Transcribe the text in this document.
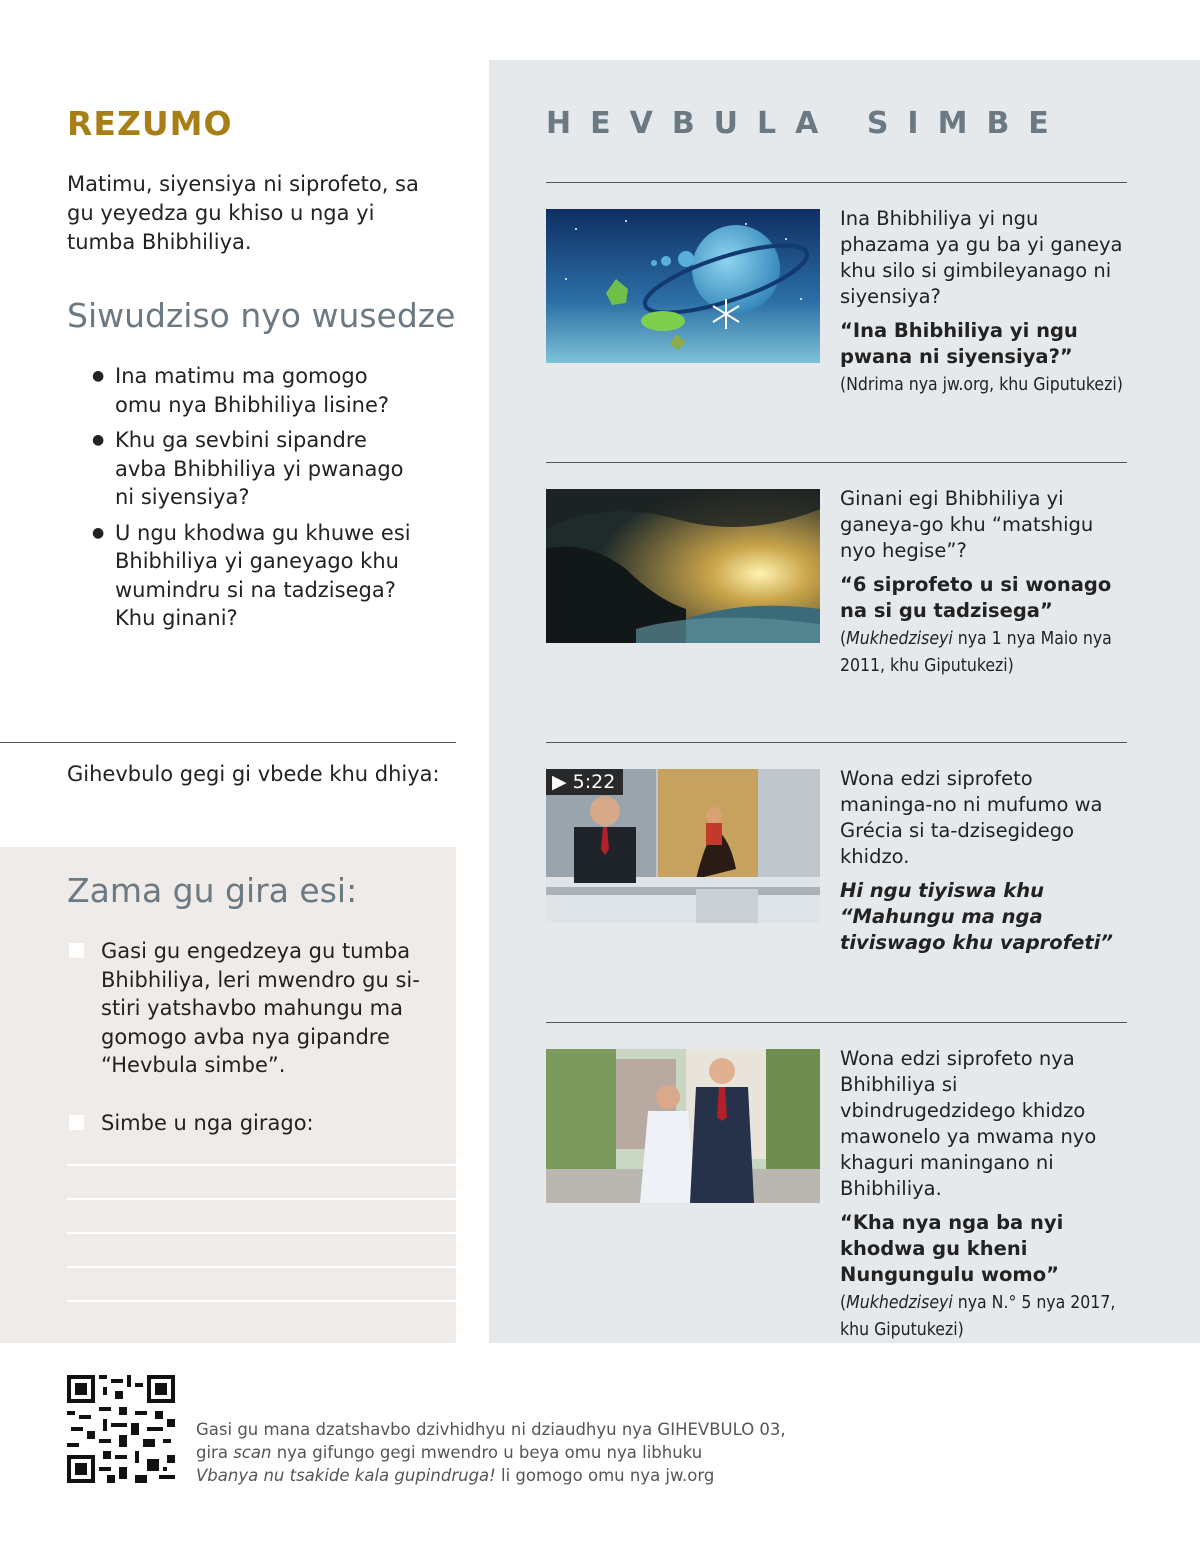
REZUMO
Matimu, siyensiya ni siprofeto, sa gu yeyedza gu khiso u nga yi tumba Bhibhiliya.
Siwudziso nyo wusedze
● Ina matimu ma gomogo omu nya Bhibhiliya lisine?
● Khu ga sevbini sipandre avba Bhibhiliya yi pwanago ni siyensiya?
● U ngu khodwa gu khuwe esi Bhibhiliya yi ganeyago khu wumindru si na tadzisega? Khu ginani?
Gihevbulo gegi gi vbede khu dhiya:
Zama gu gira esi:
Gasi gu engedzeya gu tumba Bhibhiliya, leri mwendro gu si-stiri yatshavbo mahungu ma gomogo avba nya gipandre “Hevbula simbe”.
Simbe u nga girago:
HEVBULA SIMBE
Ina Bhibhiliya yi ngu phazama ya gu ba yi ganeya khu silo si gimbileyanago ni siyensiya?
“Ina Bhibhiliya yi ngu pwana ni siyensiya?” (Ndrima nya jw.org, khu Giputukezi)
Ginani egi Bhibhiliya yi ganeya-go khu “matshigu nyo hegise”?
“6 siprofeto u si wonago na si gu tadzisega” (Mukhedziseyi nya 1 nya Maio nya 2011, khu Giputukezi)
▶ 5:22	Wona edzi siprofeto maninga-no ni mufumo wa Grécia si ta-dzisegidego khidzo.
Hi ngu tiyiswa khu “Mahungu ma nga tiviswago khu vaprofeti”
Wona edzi siprofeto nya Bhibhiliya si vbindrugedzidego khidzo mawonelo ya mwama nyo khaguri maningano ni Bhibhiliya.
“Kha nya nga ba nyi khodwa gu kheni Nungungulu womo” (Mukhedziseyi nya N.° 5 nya 2017, khu Giputukezi)
Gasi gu mana dzatshavbo dzivhidhyu ni dziaudhyu nya GIHEVBULO 03,
gira scan nya gifungo gegi mwendro u beya omu nya libhuku
Vbanya nu tsakide kala gupindruga! li gomogo omu nya jw.org
